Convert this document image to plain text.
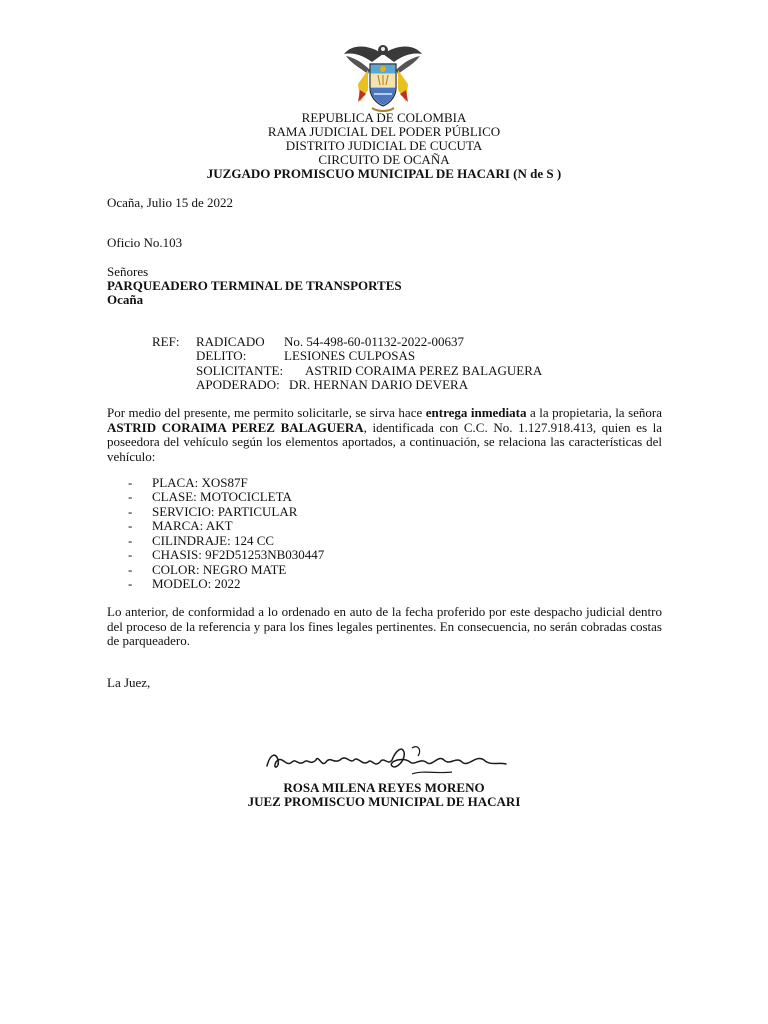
REPUBLICA DE COLOMBIA
RAMA JUDICIAL DEL PODER PÚBLICO
DISTRITO JUDICIAL DE CUCUTA
CIRCUITO DE OCAÑA
JUZGADO PROMISCUO MUNICIPAL DE HACARI (N de S )
Ocaña, Julio 15 de 2022
Oficio No.103
Señores
PARQUEADERO TERMINAL DE TRANSPORTES
Ocaña
REF: RADICADO No. 54-498-60-01132-2022-00637
DELITO:	LESIONES CULPOSAS
SOLICITANTE: ASTRID CORAIMA PEREZ BALAGUERA
APODERADO: DR. HERNAN DARIO DEVERA
Por medio del presente, me permito solicitarle, se sirva hace entrega inmediata a la propietaria, la señora ASTRID CORAIMA PEREZ BALAGUERA, identificada con C.C. No. 1.127.918.413, quien es la poseedora del vehículo según los elementos aportados, a continuación, se relaciona las características del vehículo:
- PLACA: XOS87F
- CLASE: MOTOCICLETA
- SERVICIO: PARTICULAR
- MARCA: AKT
- CILINDRAJE: 124 CC
- CHASIS: 9F2D51253NB030447
- COLOR: NEGRO MATE
- MODELO: 2022
Lo anterior, de conformidad a lo ordenado en auto de la fecha proferido por este despacho judicial dentro del proceso de la referencia y para los fines legales pertinentes. En consecuencia, no serán cobradas costas de parqueadero.
La Juez,
ROSA MILENA REYES MORENO
JUEZ PROMISCUO MUNICIPAL DE HACARI
